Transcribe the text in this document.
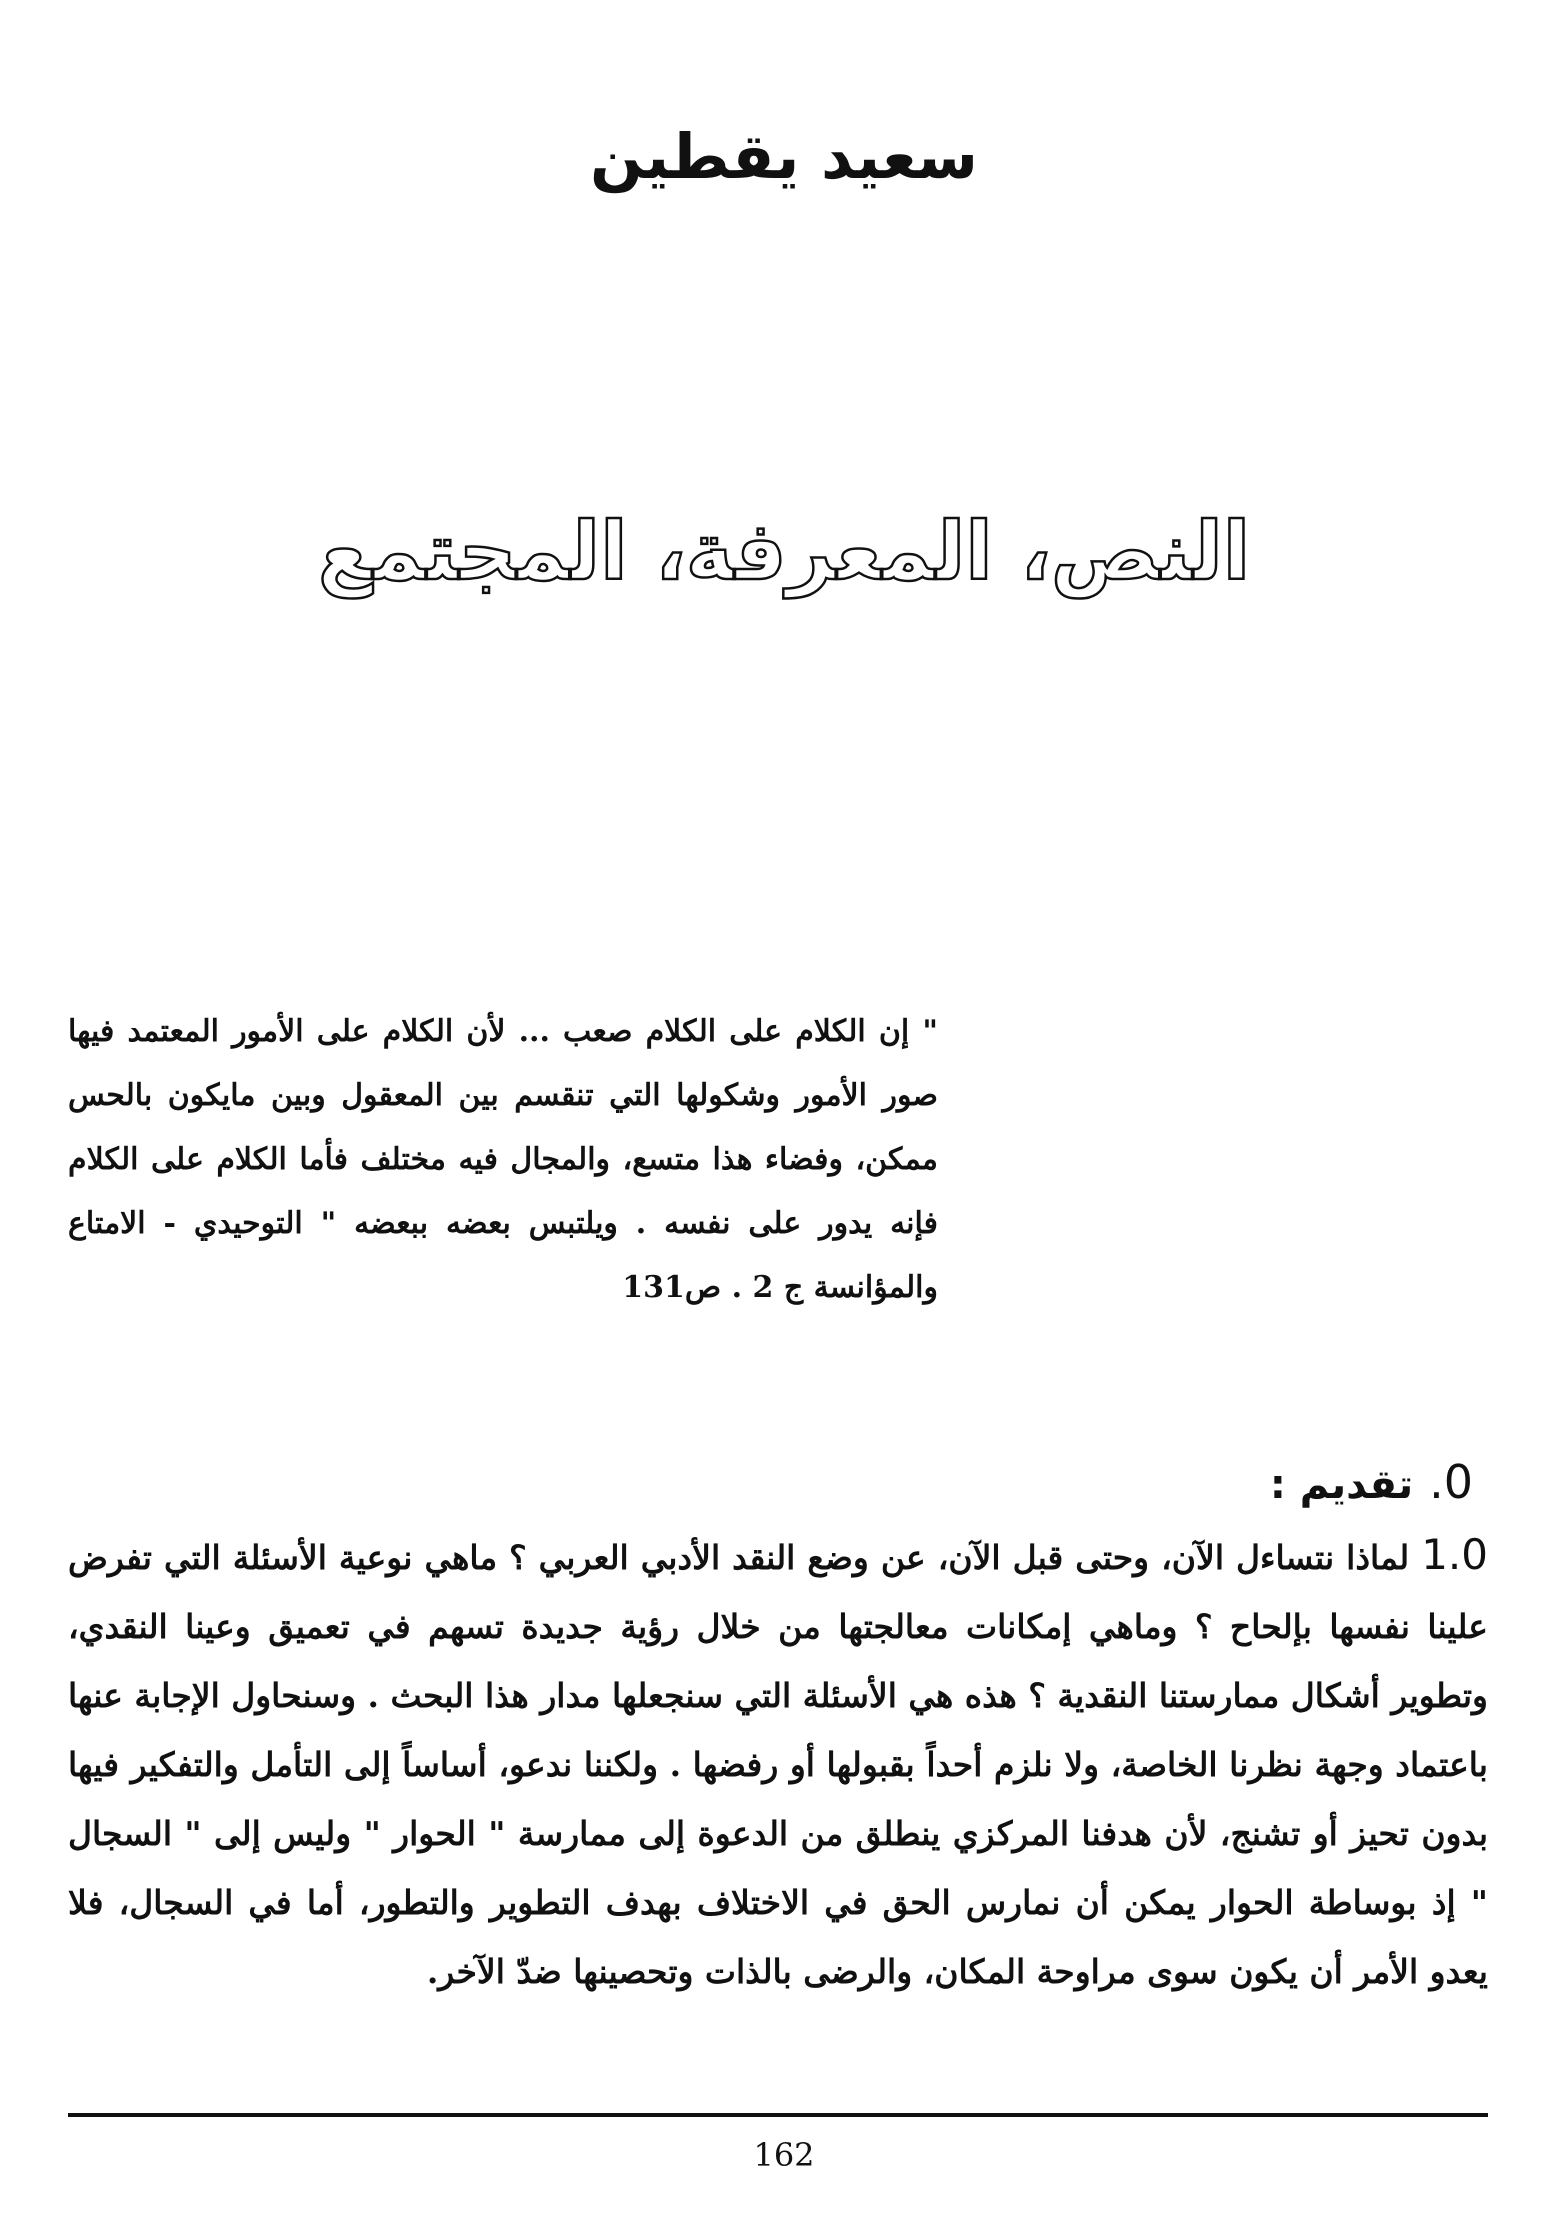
سعيد يقطين
النص، المعرفة، المجتمع
" إن الكلام على الكلام صعب ... لأن الكلام على الأمور المعتمد فيها صور الأمور وشكولها التي تنقسم بين المعقول وبين مايكون بالحس ممكن، وفضاء هذا متسع، والمجال فيه مختلف فأما الكلام على الكلام فإنه يدور على نفسه . ويلتبس بعضه ببعضه " التوحيدي - الامتاع والمؤانسة ج 2 . ص131
0.تقديم :
1.0لماذا نتساءل الآن، وحتى قبل الآن، عن وضع النقد الأدبي العربي ؟ ماهي نوعية الأسئلة التي تفرض علينا نفسها بإلحاح ؟ وماهي إمكانات معالجتها من خلال رؤية جديدة تسهم في تعميق وعينا النقدي، وتطوير أشكال ممارستنا النقدية ؟ هذه هي الأسئلة التي سنجعلها مدار هذا البحث . وسنحاول الإجابة عنها باعتماد وجهة نظرنا الخاصة، ولا نلزم أحداً بقبولها أو رفضها . ولكننا ندعو، أساساً إلى التأمل والتفكير فيها بدون تحيز أو تشنج، لأن هدفنا المركزي ينطلق من الدعوة إلى ممارسة " الحوار " وليس إلى " السجال " إذ بوساطة الحوار يمكن أن نمارس الحق في الاختلاف بهدف التطوير والتطور، أما في السجال، فلا يعدو الأمر أن يكون سوى مراوحة المكان، والرضى بالذات وتحصينها ضدّ الآخر.
162
